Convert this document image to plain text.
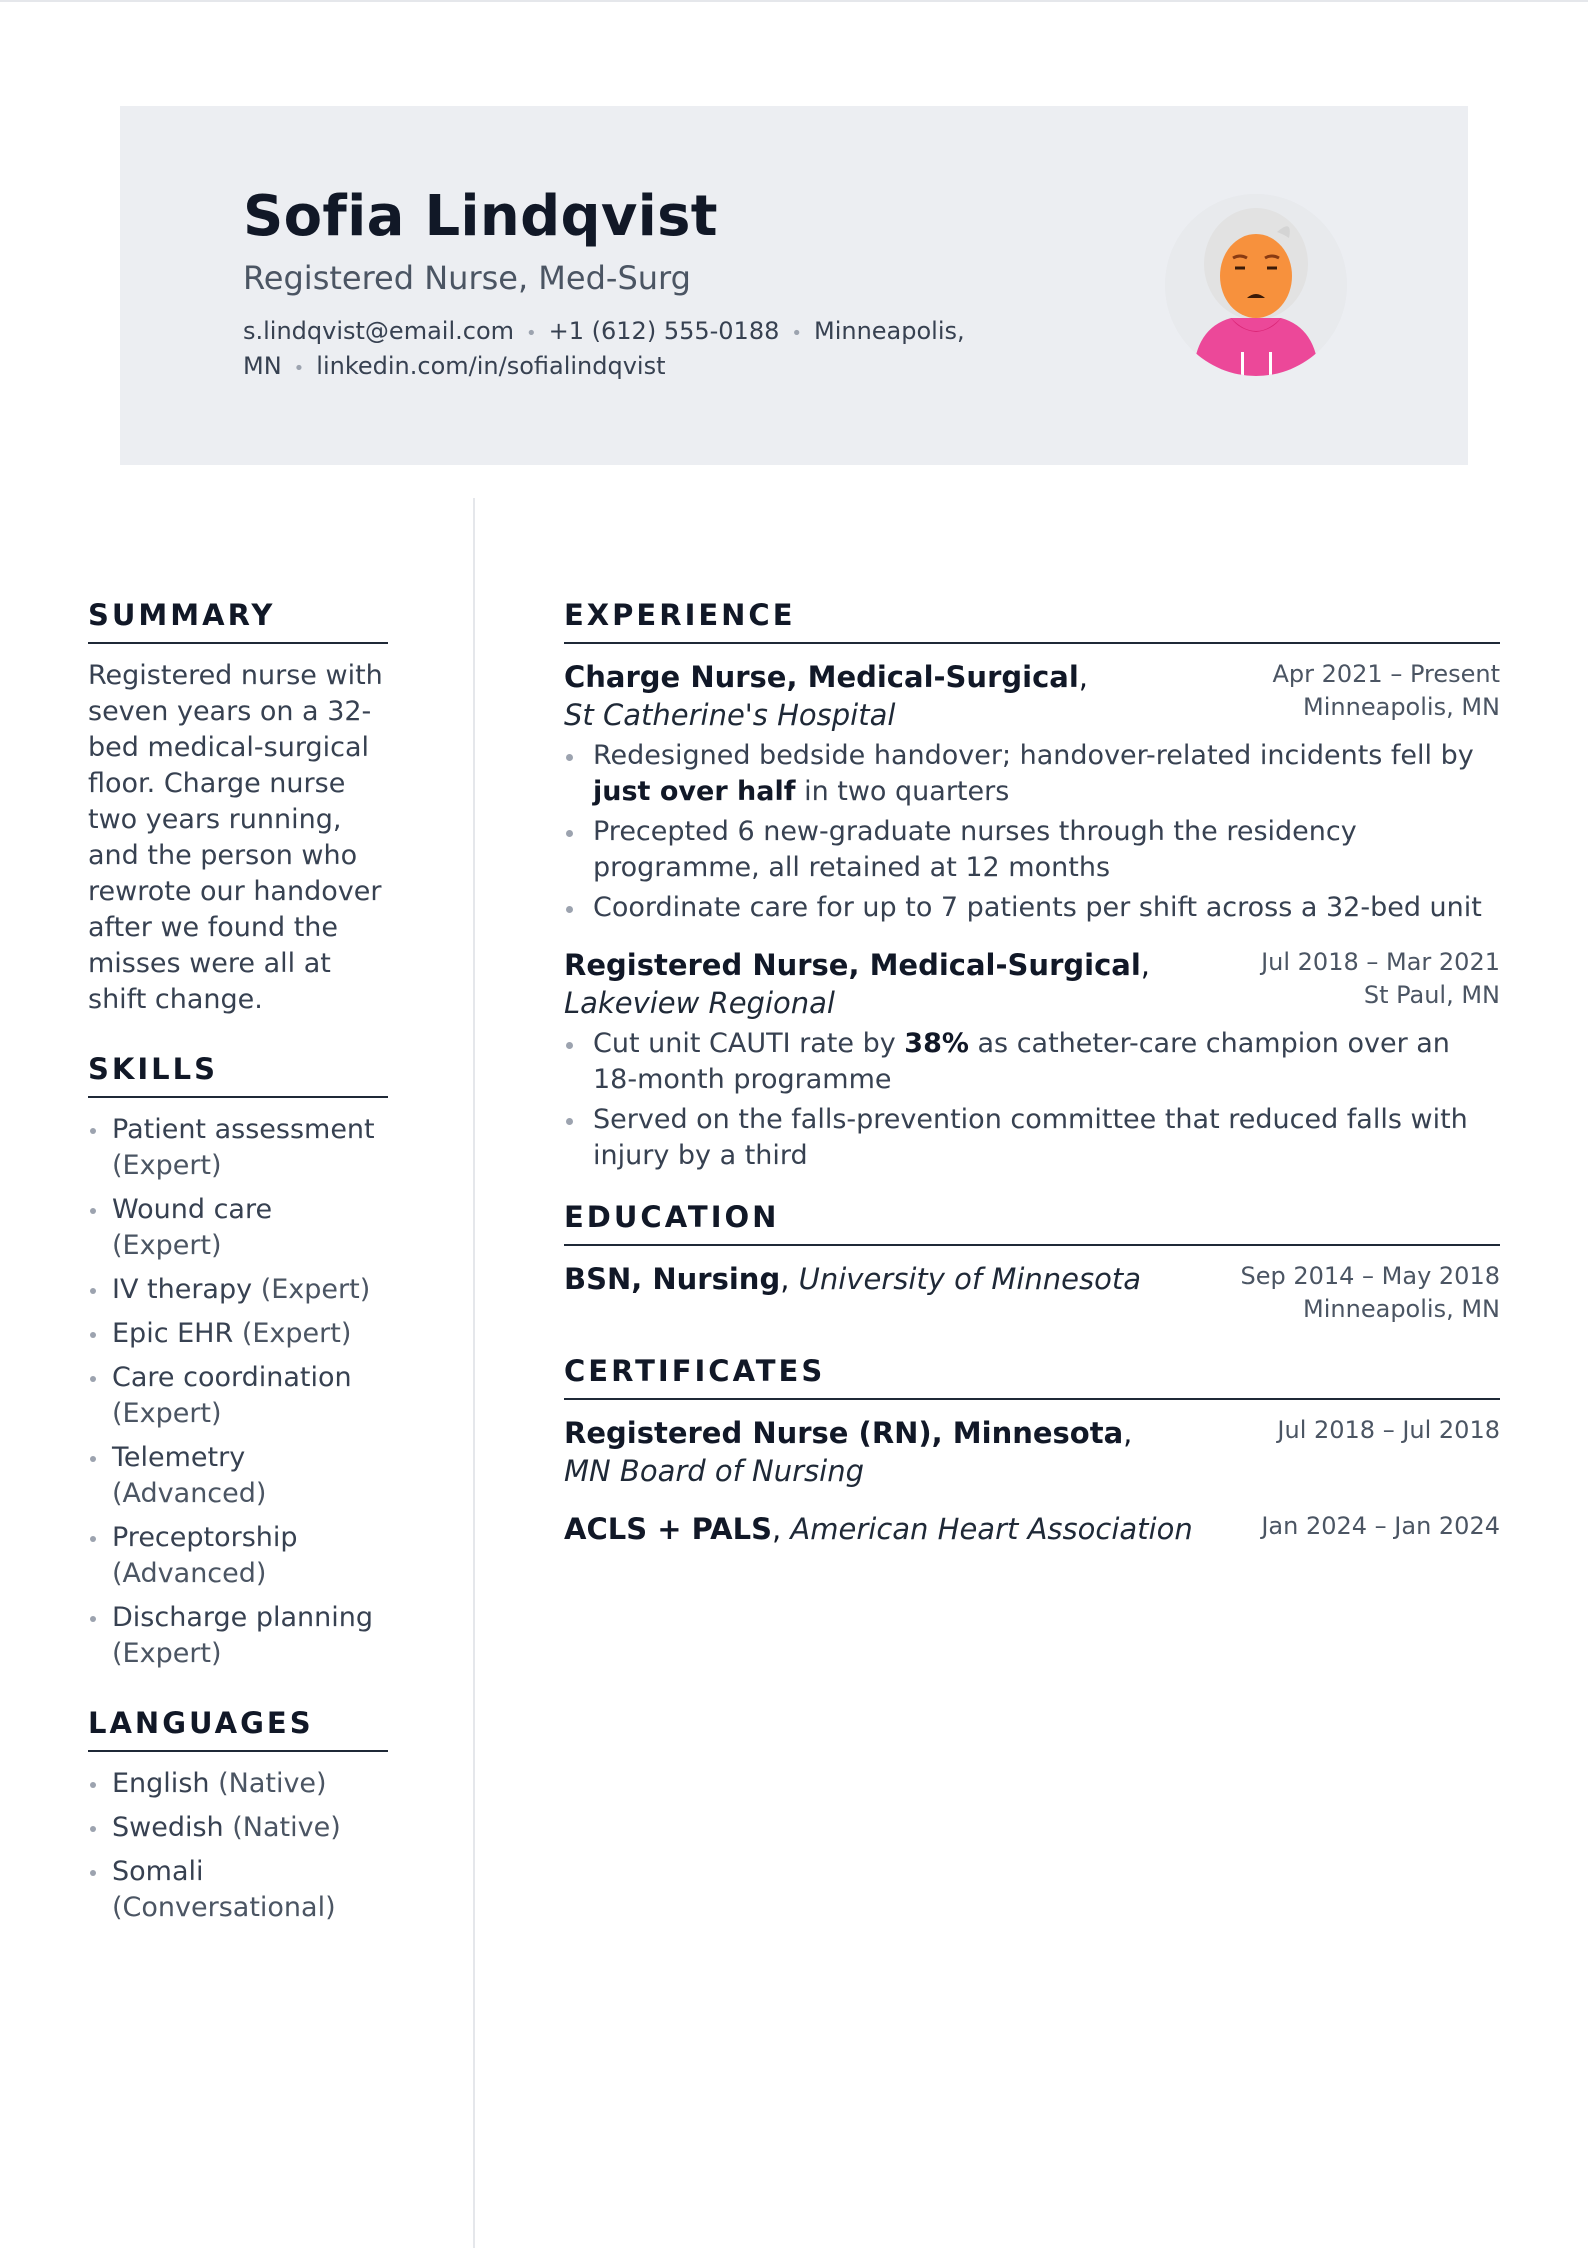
Sofia Lindqvist
Registered Nurse, Med-Surg
s.lindqvist@email.com • +1 (612) 555-0188 • Minneapolis,
MN • linkedin.com/in/sofialindqvist
SUMMARY
Registered nurse with seven years on a 32-bed medical-surgical floor. Charge nurse two years running, and the person who rewrote our handover after we found the misses were all at shift change.
SKILLS
Patient assessment
(Expert)
Wound care (Expert)
IV therapy (Expert)
Epic EHR (Expert)
Care coordination
(Expert)
Telemetry
(Advanced)
Preceptorship
(Advanced)
Discharge planning
(Expert)
LANGUAGES
English (Native)
Swedish (Native)
Somali
(Conversational)
EXPERIENCE
Charge Nurse, Medical-Surgical, St Catherine's Hospital
Apr 2021 – Present
Minneapolis, MN
Redesigned bedside handover; handover-related incidents fell by just over half in two quarters
Precepted 6 new-graduate nurses through the residency programme, all retained at 12 months
Coordinate care for up to 7 patients per shift across a 32-bed unit
Registered Nurse, Medical-Surgical,
Lakeview Regional
Jul 2018 – Mar 2021
St Paul, MN
Cut unit CAUTI rate by 38% as catheter-care champion over an 18-month programme
Served on the falls-prevention committee that reduced falls with injury by a third
EDUCATION
BSN, Nursing, University of Minnesota	Sep 2014 – May 2018
Minneapolis, MN
CERTIFICATES
Registered Nurse (RN), Minnesota, MN Board of Nursing
Jul 2018 – Jul 2018
ACLS + PALS, American Heart Association	Jan 2024 – Jan 2024
